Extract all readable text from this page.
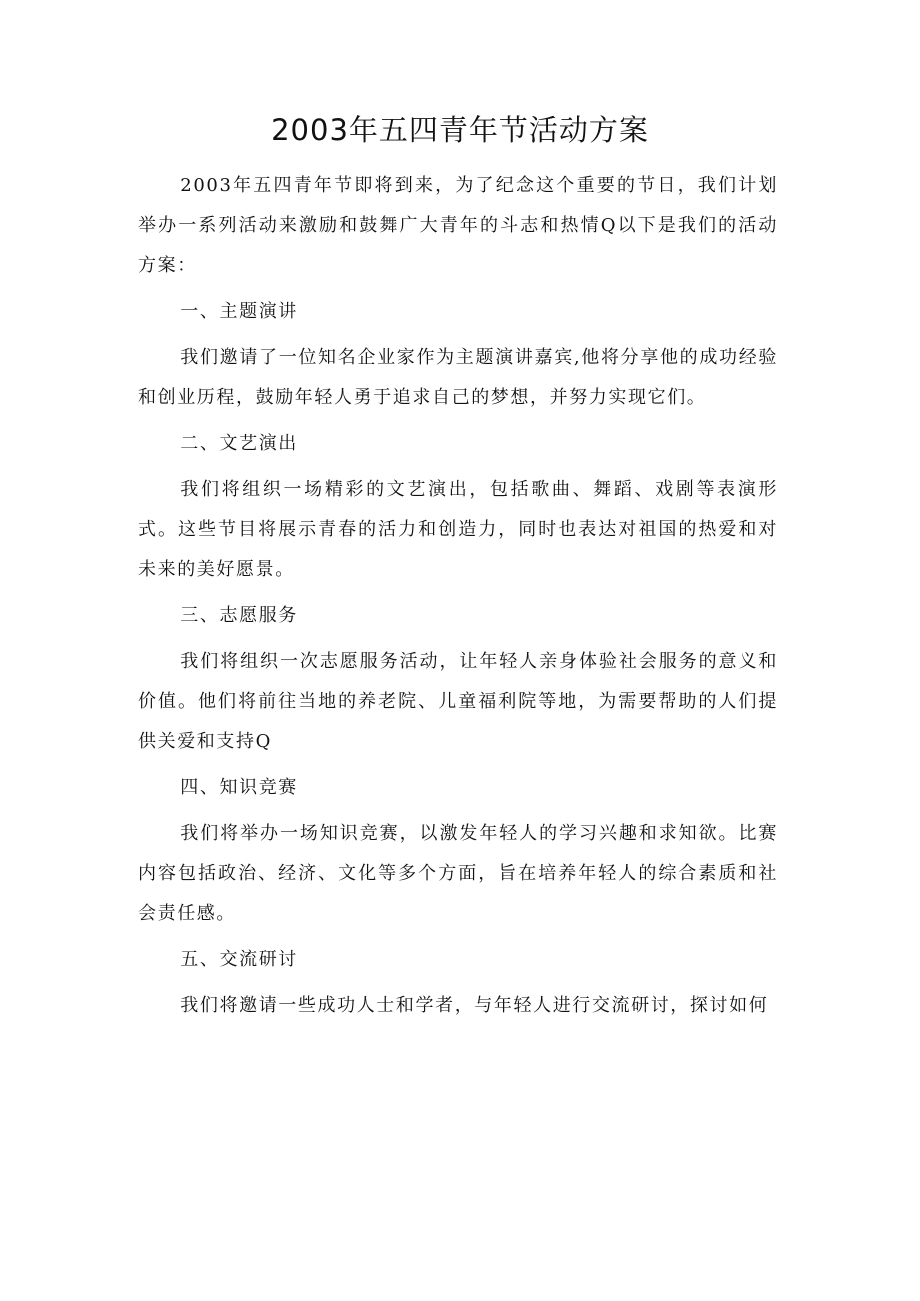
2003年五四青年节活动方案

2003年五四青年节即将到来，为了纪念这个重要的节日，我们计划举办一系列活动来激励和鼓舞广大青年的斗志和热情Q以下是我们的活动方案：

一、主题演讲

我们邀请了一位知名企业家作为主题演讲嘉宾,他将分享他的成功经验和创业历程，鼓励年轻人勇于追求自己的梦想，并努力实现它们。

二、文艺演出

我们将组织一场精彩的文艺演出，包括歌曲、舞蹈、戏剧等表演形式。这些节目将展示青春的活力和创造力，同时也表达对祖国的热爱和对未来的美好愿景。

三、志愿服务

我们将组织一次志愿服务活动，让年轻人亲身体验社会服务的意义和价值。他们将前往当地的养老院、儿童福利院等地，为需要帮助的人们提供关爱和支持Q

四、知识竞赛

我们将举办一场知识竞赛，以激发年轻人的学习兴趣和求知欲。比赛内容包括政治、经济、文化等多个方面，旨在培养年轻人的综合素质和社会责任感。

五、交流研讨

我们将邀请一些成功人士和学者，与年轻人进行交流研讨，探讨如何
